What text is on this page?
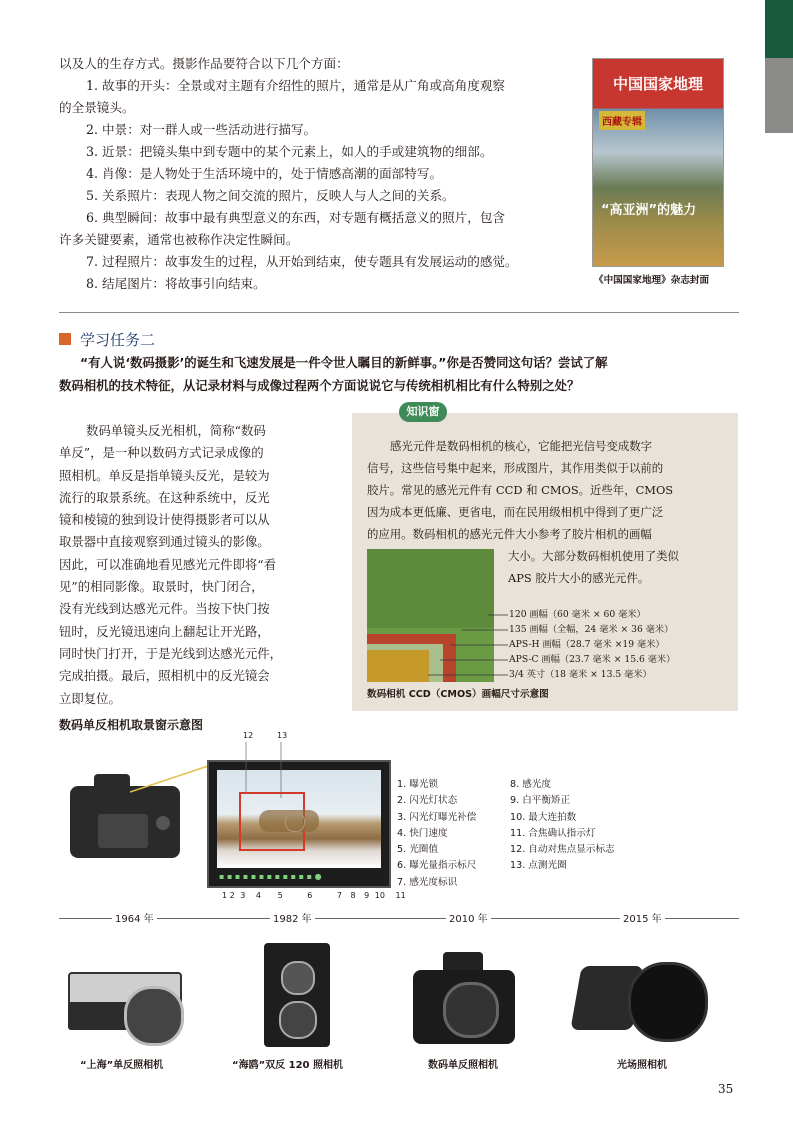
以及人的生存方式。摄影作品要符合以下几个方面：
1. 故事的开头：全景或对主题有介绍性的照片，通常是从广角或高角度观察
的全景镜头。
2. 中景：对一群人或一些活动进行描写。
3. 近景：把镜头集中到专题中的某个元素上，如人的手或建筑物的细部。
4. 肖像：是人物处于生活环境中的，处于情感高潮的面部特写。
5. 关系照片：表现人物之间交流的照片，反映人与人之间的关系。
6. 典型瞬间：故事中最有典型意义的东西，对专题有概括意义的照片，包含
许多关键要素，通常也被称作决定性瞬间。
7. 过程照片：故事发生的过程，从开始到结束，使专题具有发展运动的感觉。
8. 结尾图片：将故事引向结束。
中国国家地理
西藏专辑
“高亚洲”的魅力
《中国国家地理》杂志封面
学习任务二
“有人说‘数码摄影’的诞生和飞速发展是一件令世人瞩目的新鲜事。”你是否赞同这句话？尝试了解
数码相机的技术特征，从记录材料与成像过程两个方面说说它与传统相机相比有什么特别之处？
数码单镜头反光相机，简称“数码
单反”，是一种以数码方式记录成像的
照相机。单反是指单镜头反光，是较为
流行的取景系统。在这种系统中，反光
镜和棱镜的独到设计使得摄影者可以从
取景器中直接观察到通过镜头的影像。
因此，可以准确地看见感光元件即将“看
见”的相同影像。取景时，快门闭合，
没有光线到达感光元件。当按下快门按
钮时，反光镜迅速向上翻起让开光路，
同时快门打开，于是光线到达感光元件，
完成拍摄。最后，照相机中的反光镜会
立即复位。
知识窗
感光元件是数码相机的核心，它能把光信号变成数字
信号，这些信号集中起来，形成图片，其作用类似于以前的
胶片。常见的感光元件有 CCD 和 CMOS。近些年，CMOS
因为成本更低廉、更省电，而在民用级相机中得到了更广泛
的应用。数码相机的感光元件大小参考了胶片相机的画幅
大小。大部分数码相机使用了类似
APS 胶片大小的感光元件。
120 画幅（60 毫米 × 60 毫米）
135 画幅（全幅，24 毫米 × 36 毫米）
APS-H 画幅（28.7 毫米 ×19 毫米）
APS-C 画幅（23.7 毫米 × 15.6 毫米）
3/4 英寸（18 毫米 × 13.5 毫米）
数码相机 CCD（CMOS）画幅尺寸示意图
数码单反相机取景窗示意图
▪ ▪ ▪ ▪ ▪ ▪ ▪ ▪ ▪ ▪ ▪ ▪ ●
12	13
1 2 3 4 5	6	7 8 9 10 11
1. 曝光锁
2. 闪光灯状态
3. 闪光灯曝光补偿
4. 快门速度
5. 光圈值
6. 曝光量指示标尺
7. 感光度标识
8. 感光度
9. 白平衡矫正
10. 最大连拍数
11. 合焦确认指示灯
12. 自动对焦点显示标志
13. 点测光圈
1964 年	1982 年	2010 年	2015 年
“上海”单反照相机	“海鸥”双反 120 照相机	数码单反照相机	光场照相机
35
